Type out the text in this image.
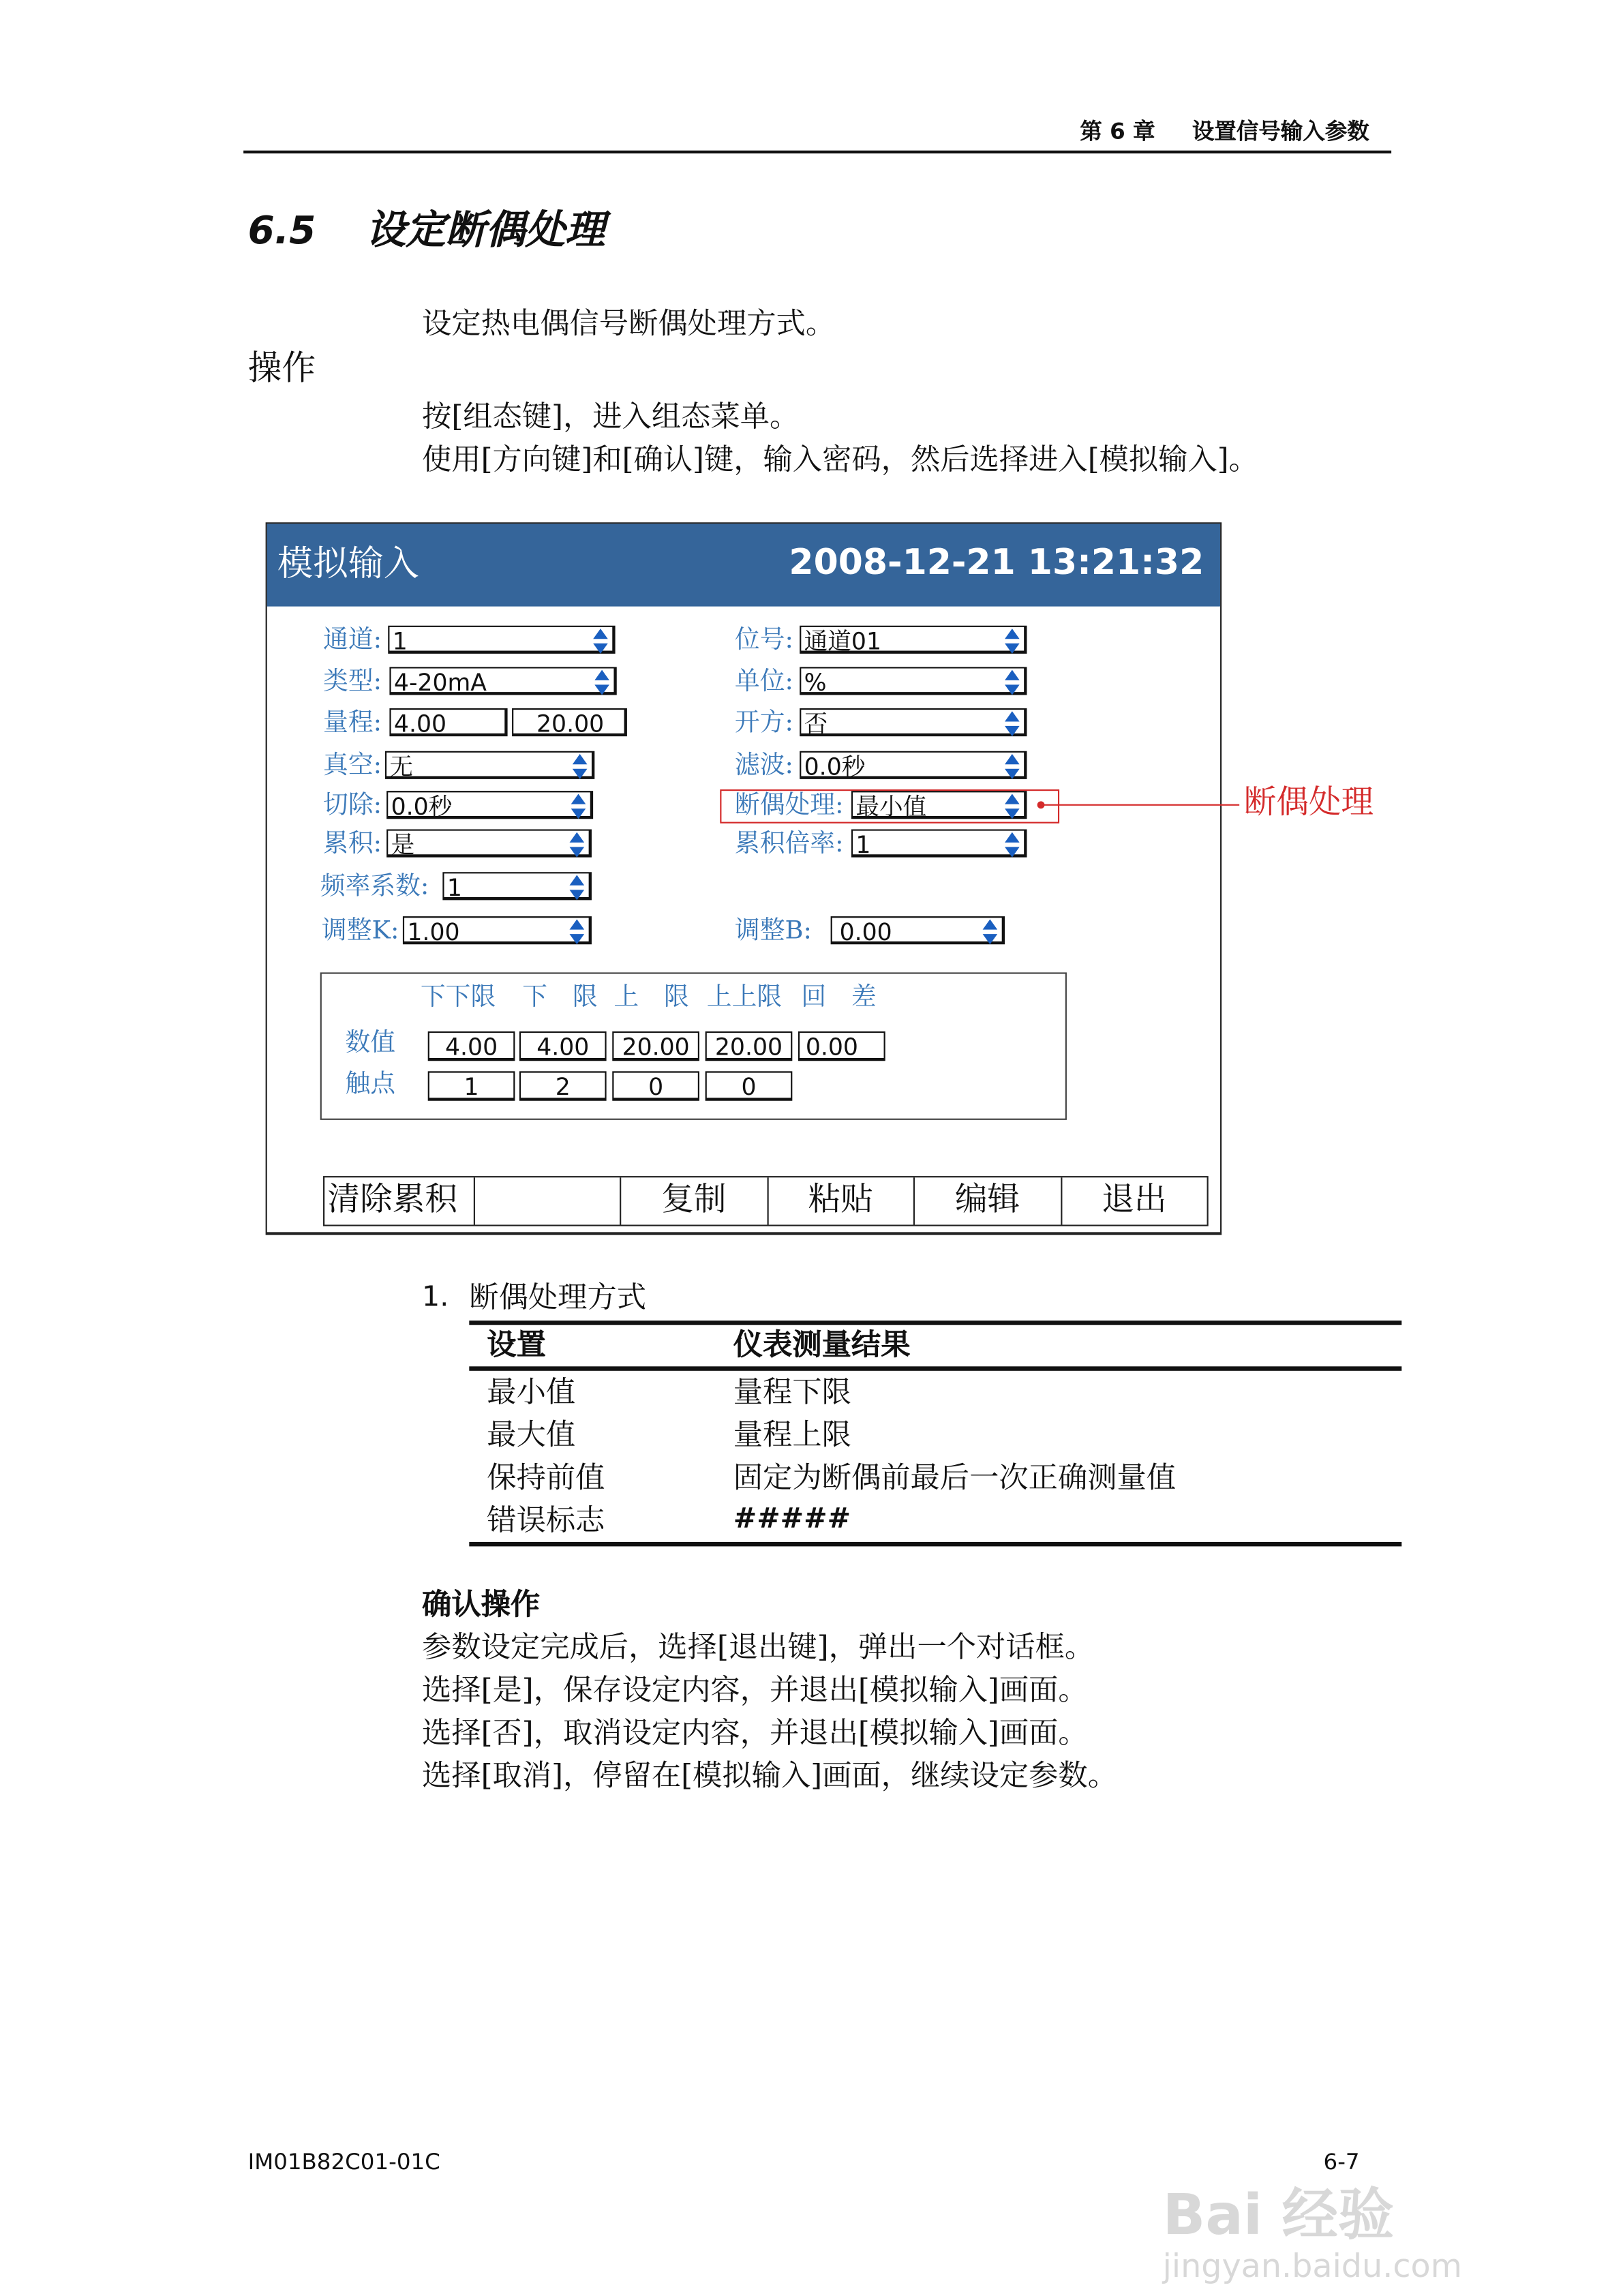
第 6 章	设置信号输入参数
6.5	设定断偶处理
设定热电偶信号断偶处理方式。
操作
按[组态键]，进入组态菜单。
使用[方向键]和[确认]键，输入密码，然后选择进入[模拟输入]。
模拟输入	2008-12-21 13:21:32
通道: 1
类型:	4-20mA
量程:	4.00	20.00
真空: 无
切除: 0.0秒
累积: 是
频率系数:	1
调整K: 1.00
位号: 通道01
单位: %
开方: 否
滤波: 0.0秒
断偶处理:	最小值
累积倍率:	1
调整B:	0.00
下下限 下　限 上　限 上上限 回　差
数值	4.00	4.00	20.00	20.00	0.00
触点	1	2	0	0
清除累积	复制	粘贴	编辑	退出
断偶处理
1. 断偶处理方式
设置	仪表测量结果
最小值	量程下限
最大值	量程上限
保持前值	固定为断偶前最后一次正确测量值
错误标志	#####
确认操作
参数设定完成后，选择[退出键]，弹出一个对话框。
选择[是]，保存设定内容，并退出[模拟输入]画面。
选择[否]，取消设定内容，并退出[模拟输入]画面。
选择[取消]，停留在[模拟输入]画面，继续设定参数。
IM01B82C01-01C	6-7
Bai 经验
jingyan.baidu.com
